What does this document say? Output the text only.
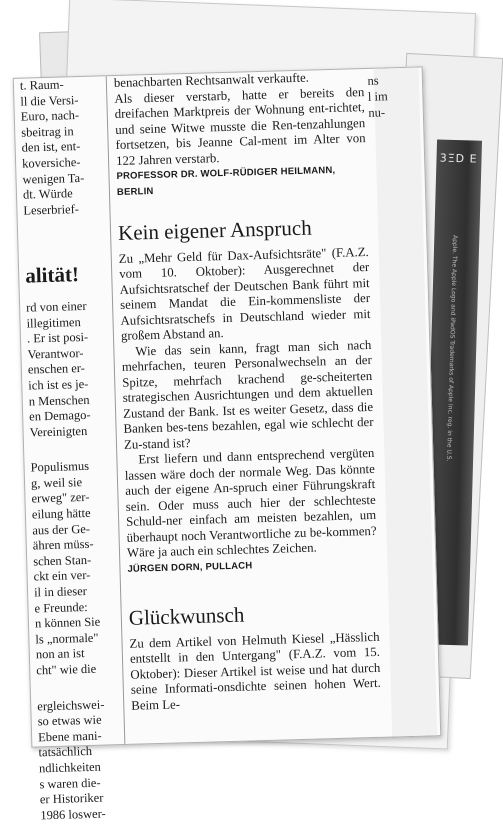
3ΞD E
Apple. The Apple Logo and iPadOS Trademarks of Apple Inc. reg. in the U.S.

t. Raum-

ll die Versi-

Euro, nach-

sbeitrag in

den ist, ent-

koversiche-

wenigen Ta-

dt. Würde

Leserbrief-

alität!

rd von einer

illegitimen

. Er ist posi-

Verantwor-

enschen er-

ich ist es je-

n Menschen

en Demago-

Vereinigten

Populismus

g, weil sie

erweg" zer-

eilung hätte

aus der Ge-

ähren müss-

schen Stan-

ckt ein ver-

il in dieser

e Freunde:

n können Sie

ls „normale"

non an ist

cht" wie die

ergleichswei-

so etwas wie

Ebene mani-

tatsächlich

ndlichkeiten

s waren die-

er Historiker

1986 loswer-

benachbarten Rechtsanwalt verkaufte.

Als dieser verstarb, hatte er bereits den dreifachen Marktpreis der Wohnung ent-richtet, und seine Witwe musste die Ren-tenzahlungen fortsetzen, bis Jeanne Cal-ment im Alter von 122 Jahren verstarb.

PROFESSOR DR. WOLF-RÜDIGER HEILMANN, BERLIN

Kein eigener Anspruch

Zu „Mehr Geld für Dax-Aufsichtsräte" (F.A.Z. vom 10. Oktober): Ausgerechnet der Aufsichtsratschef der Deutschen Bank führt mit seinem Mandat die Ein-kommensliste der Aufsichtsratschefs in Deutschland wieder mit großem Abstand an.

Wie das sein kann, fragt man sich nach mehrfachen, teuren Personalwechseln an der Spitze, mehrfach krachend ge-scheiterten strategischen Ausrichtungen und dem aktuellen Zustand der Bank. Ist es weiter Gesetz, dass die Banken bes-tens bezahlen, egal wie schlecht der Zu-stand ist?

Erst liefern und dann entsprechend vergüten lassen wäre doch der normale Weg. Das könnte auch der eigene An-spruch einer Führungskraft sein. Oder muss auch hier der schlechteste Schuld-ner einfach am meisten bezahlen, um überhaupt noch Verantwortliche zu be-kommen? Wäre ja auch ein schlechtes Zeichen.

JÜRGEN DORN, PULLACH

Glückwunsch

Zu dem Artikel von Helmuth Kiesel „Hässlich entstellt in den Untergang" (F.A.Z. vom 15. Oktober): Dieser Artikel ist weise und hat durch seine Informati-onsdichte seinen hohen Wert. Beim Le-

ns
l im
nu-
